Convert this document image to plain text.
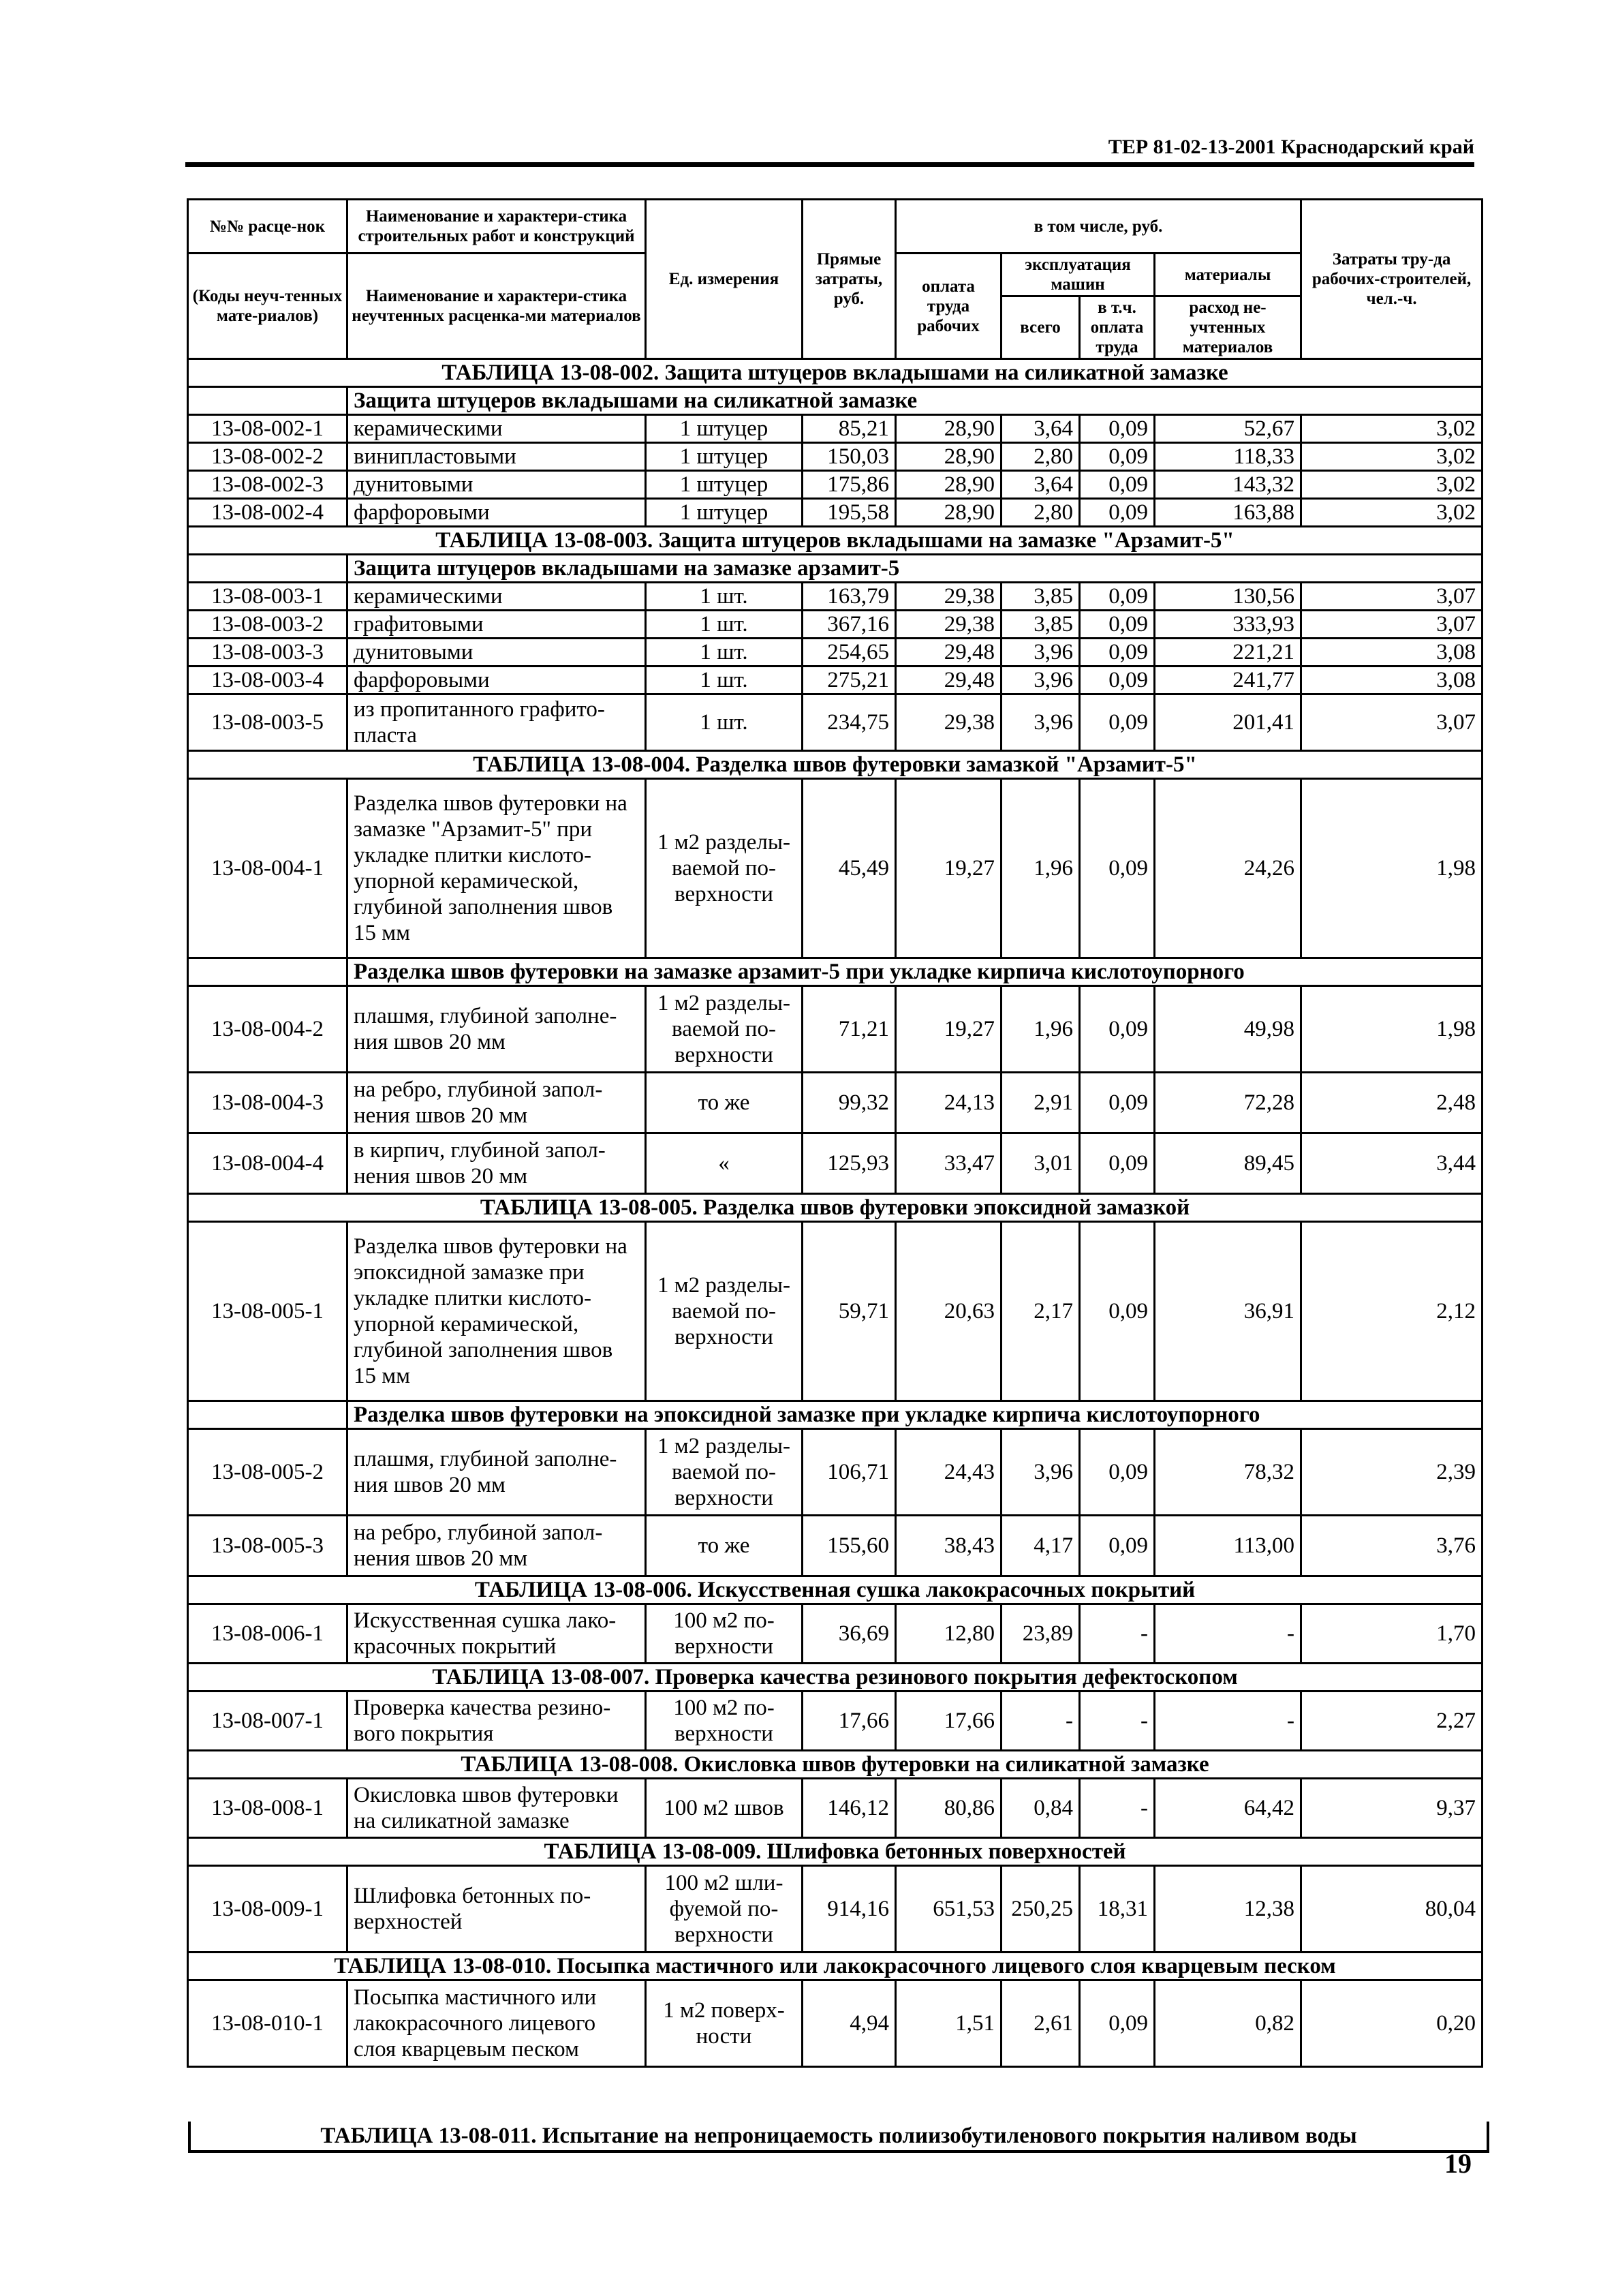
ТЕР 81-02-13-2001 Краснодарский край
№№ расце-нок	Наименование и характери-стика строительных работ и конструкций	Ед. измерения	Прямые затраты, руб.	в том числе, руб.				Затраты тру-да рабочих-строителей, чел.-ч.
(Коды неуч-тенных мате-риалов)	Наименование и характери-стика неучтенных расценка-ми материалов			оплата труда рабочих	эксплуатация машин		материалы	
					всего	в т.ч. оплата труда		
							расход не-учтенных материалов	
ТАБЛИЦА 13-08-002. Защита штуцеров вкладышами на силикатной замазке								
	Защита штуцеров вкладышами на силикатной замазке							
13-08-002-1	керамическими	1 штуцер	85,21	28,90	3,64	0,09	52,67	3,02
13-08-002-2	винипластовыми	1 штуцер	150,03	28,90	2,80	0,09	118,33	3,02
13-08-002-3	дунитовыми	1 штуцер	175,86	28,90	3,64	0,09	143,32	3,02
13-08-002-4	фарфоровыми	1 штуцер	195,58	28,90	2,80	0,09	163,88	3,02
ТАБЛИЦА 13-08-003. Защита штуцеров вкладышами на замазке "Арзамит-5"								
	Защита штуцеров вкладышами на замазке арзамит-5							
13-08-003-1	керамическими	1 шт.	163,79	29,38	3,85	0,09	130,56	3,07
13-08-003-2	графитовыми	1 шт.	367,16	29,38	3,85	0,09	333,93	3,07
13-08-003-3	дунитовыми	1 шт.	254,65	29,48	3,96	0,09	221,21	3,08
13-08-003-4	фарфоровыми	1 шт.	275,21	29,48	3,96	0,09	241,77	3,08
13-08-003-5	из пропитанного графито-пласта	1 шт.	234,75	29,38	3,96	0,09	201,41	3,07
ТАБЛИЦА 13-08-004. Разделка швов футеровки замазкой "Арзамит-5"								
13-08-004-1	Разделка швов футеровки на замазке "Арзамит-5" при укладке плитки кислото-упорной керамической, глубиной заполнения швов 15 мм	1 м2 разделы-ваемой по-верхности	45,49	19,27	1,96	0,09	24,26	1,98
	Разделка швов футеровки на замазке арзамит-5 при укладке кирпича кислотоупорного							
13-08-004-2	плашмя, глубиной заполне-ния швов 20 мм	1 м2 разделы-ваемой по-верхности	71,21	19,27	1,96	0,09	49,98	1,98
13-08-004-3	на ребро, глубиной запол-нения швов 20 мм	то же	99,32	24,13	2,91	0,09	72,28	2,48
13-08-004-4	в кирпич, глубиной запол-нения швов 20 мм	«	125,93	33,47	3,01	0,09	89,45	3,44
ТАБЛИЦА 13-08-005. Разделка швов футеровки эпоксидной замазкой								
13-08-005-1	Разделка швов футеровки на эпоксидной замазке при укладке плитки кислото-упорной керамической, глубиной заполнения швов 15 мм	1 м2 разделы-ваемой по-верхности	59,71	20,63	2,17	0,09	36,91	2,12
	Разделка швов футеровки на эпоксидной замазке при укладке кирпича кислотоупорного							
13-08-005-2	плашмя, глубиной заполне-ния швов 20 мм	1 м2 разделы-ваемой по-верхности	106,71	24,43	3,96	0,09	78,32	2,39
13-08-005-3	на ребро, глубиной запол-нения швов 20 мм	то же	155,60	38,43	4,17	0,09	113,00	3,76
ТАБЛИЦА 13-08-006. Искусственная сушка лакокрасочных покрытий								
13-08-006-1	Искусственная сушка лако-красочных покрытий	100 м2 по-верхности	36,69	12,80	23,89	-	-	1,70
ТАБЛИЦА 13-08-007. Проверка качества резинового покрытия дефектоскопом								
13-08-007-1	Проверка качества резино-вого покрытия	100 м2 по-верхности	17,66	17,66	-	-	-	2,27
ТАБЛИЦА 13-08-008. Окисловка швов футеровки на силикатной замазке								
13-08-008-1	Окисловка швов футеровки на силикатной замазке	100 м2 швов	146,12	80,86	0,84	-	64,42	9,37
ТАБЛИЦА 13-08-009. Шлифовка бетонных поверхностей								
13-08-009-1	Шлифовка бетонных по-верхностей	100 м2 шли-фуемой по-верхности	914,16	651,53	250,25	18,31	12,38	80,04
ТАБЛИЦА 13-08-010. Посыпка мастичного или лакокрасочного лицевого слоя кварцевым песком								
13-08-010-1	Посыпка мастичного или лакокрасочного лицевого слоя кварцевым песком	1 м2 поверх-ности	4,94	1,51	2,61	0,09	0,82	0,20
ТАБЛИЦА 13-08-011. Испытание на непроницаемость полиизобутиленового покрытия наливом воды
19
